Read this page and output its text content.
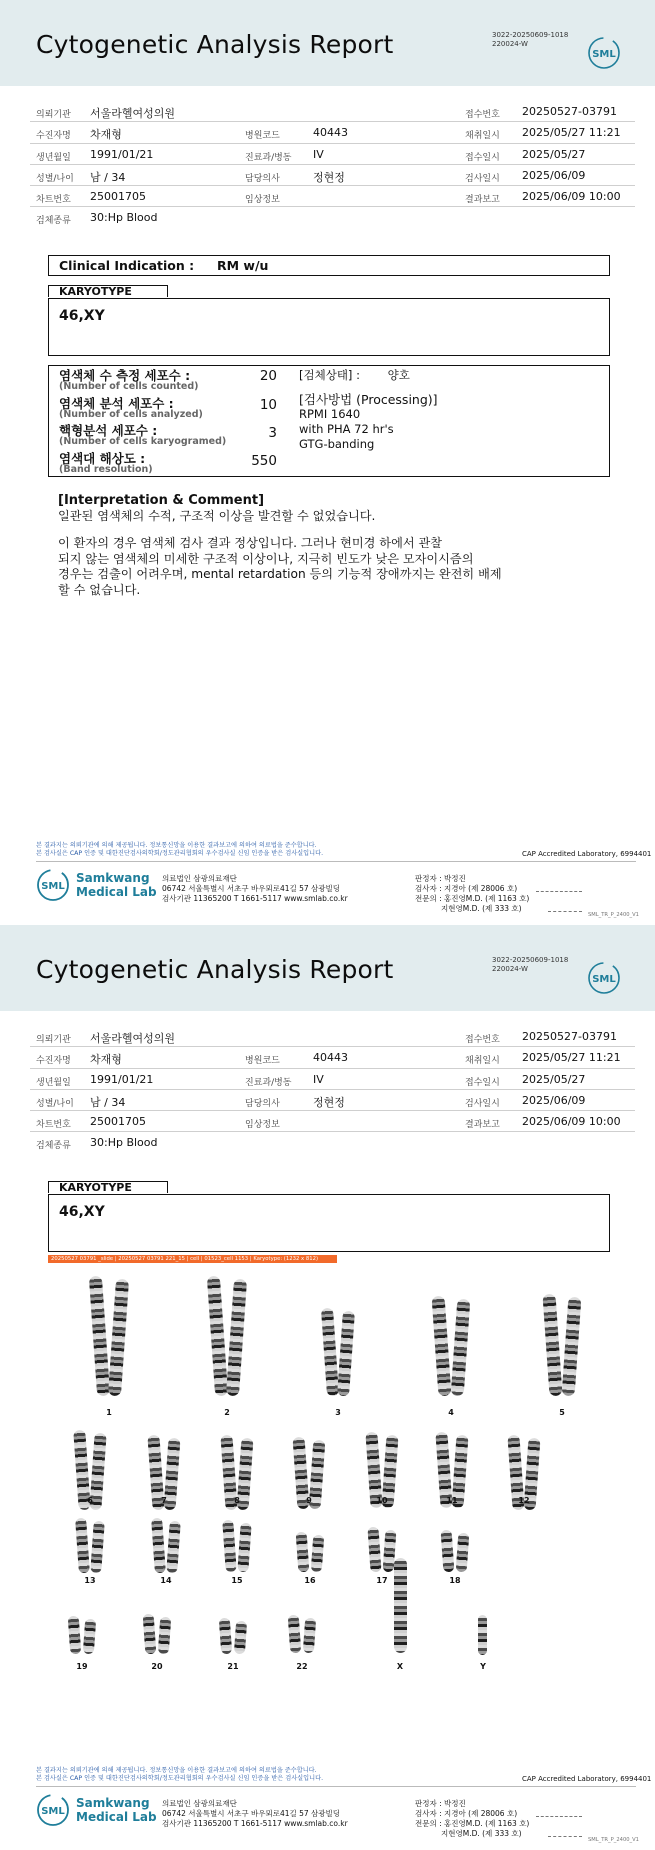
Cytogenetic Analysis Report	3022-20250609-1018
220024-W
SML
의뢰기관 서울라헬여성의원	접수번호 20250527-03791
수진자명 차재형	병원코드	40443	채취일시 2025/05/27 11:21
생년월일 1991/01/21	진료과/병동 IV	접수일시 2025/05/27
성별/나이 남 / 34	담당의사	정현정	검사일시 2025/06/09
차트번호 25001705	임상정보	결과보고 2025/06/09 10:00
검체종류 30:Hp Blood
Clinical Indication : RM w/u
KARYOTYPE
46,XY
염색체 수 측정 세포수 :
(Number of cells counted)
20
염색체 분석 세포수 :
(Number of cells analyzed)
10
핵형분석 세포수 :
(Number of cells karyogramed)
3
염색대 해상도 :
(Band resolution)
550
[검체상태] : 양호
[검사방법 (Processing)]
RPMI 1640
with PHA 72 hr's
GTG-banding
[Interpretation & Comment]
일관된 염색체의 수적, 구조적 이상을 발견할 수 없었습니다.
이 환자의 경우 염색체 검사 결과 정상입니다. 그러나 현미경 하에서 관찰
되지 않는 염색체의 미세한 구조적 이상이나, 지극히 빈도가 낮은 모자이시즘의
경우는 검출이 어려우며, mental retardation 등의 기능적 장애까지는 완전히 배제
할 수 없습니다.
본 결과지는 의뢰기관에 의해 제공됩니다. 정보통신망을 이용한 결과보고에 의하여 의료법을 준수합니다.
본 검사실은 CAP 인증 및 대한진단검사의학회/정도관리협회의 우수검사실 신임 인증을 받은 검사실입니다.	CAP Accredited Laboratory, 6994401
SML
Samkwang
Medical Lab
의료법인 삼광의료재단
06742 서울특별시 서초구 바우뫼로41길 57 삼광빌딩
검사기관 11365200 T 1661-5117 www.smlab.co.kr
판정자 : 박정진
검사자 : 지경아 (제 28006 호)
전문의 : 홍진영M.D. (제 1163 호)
지현영M.D. (제 333 호)
SML_TR_P_2400_V1
Cytogenetic Analysis Report	3022-20250609-1018
220024-W
SML
의뢰기관 서울라헬여성의원	접수번호 20250527-03791
수진자명 차재형	병원코드	40443	채취일시 2025/05/27 11:21
생년월일 1991/01/21	진료과/병동 IV	접수일시 2025/05/27
성별/나이 남 / 34	담당의사	정현정	검사일시 2025/06/09
차트번호 25001705	임상정보	결과보고 2025/06/09 10:00
검체종류 30:Hp Blood
KARYOTYPE
46,XY
20250527 03791 _slide | 20250527 03791 221_15 | cell | 01523_cell 1153 | Karyotype: (1232 x 812)
1	2	3	4	5
6	7	8	9	10	11	12
13	14	15	16	17	18
19	20	21	22	X	Y
본 결과지는 의뢰기관에 의해 제공됩니다. 정보통신망을 이용한 결과보고에 의하여 의료법을 준수합니다.
본 검사실은 CAP 인증 및 대한진단검사의학회/정도관리협회의 우수검사실 신임 인증을 받은 검사실입니다.	CAP Accredited Laboratory, 6994401
SML
Samkwang
Medical Lab
의료법인 삼광의료재단
06742 서울특별시 서초구 바우뫼로41길 57 삼광빌딩
검사기관 11365200 T 1661-5117 www.smlab.co.kr
판정자 : 박정진
검사자 : 지경아 (제 28006 호)
전문의 : 홍진영M.D. (제 1163 호)
지현영M.D. (제 333 호)
SML_TR_P_2400_V1
